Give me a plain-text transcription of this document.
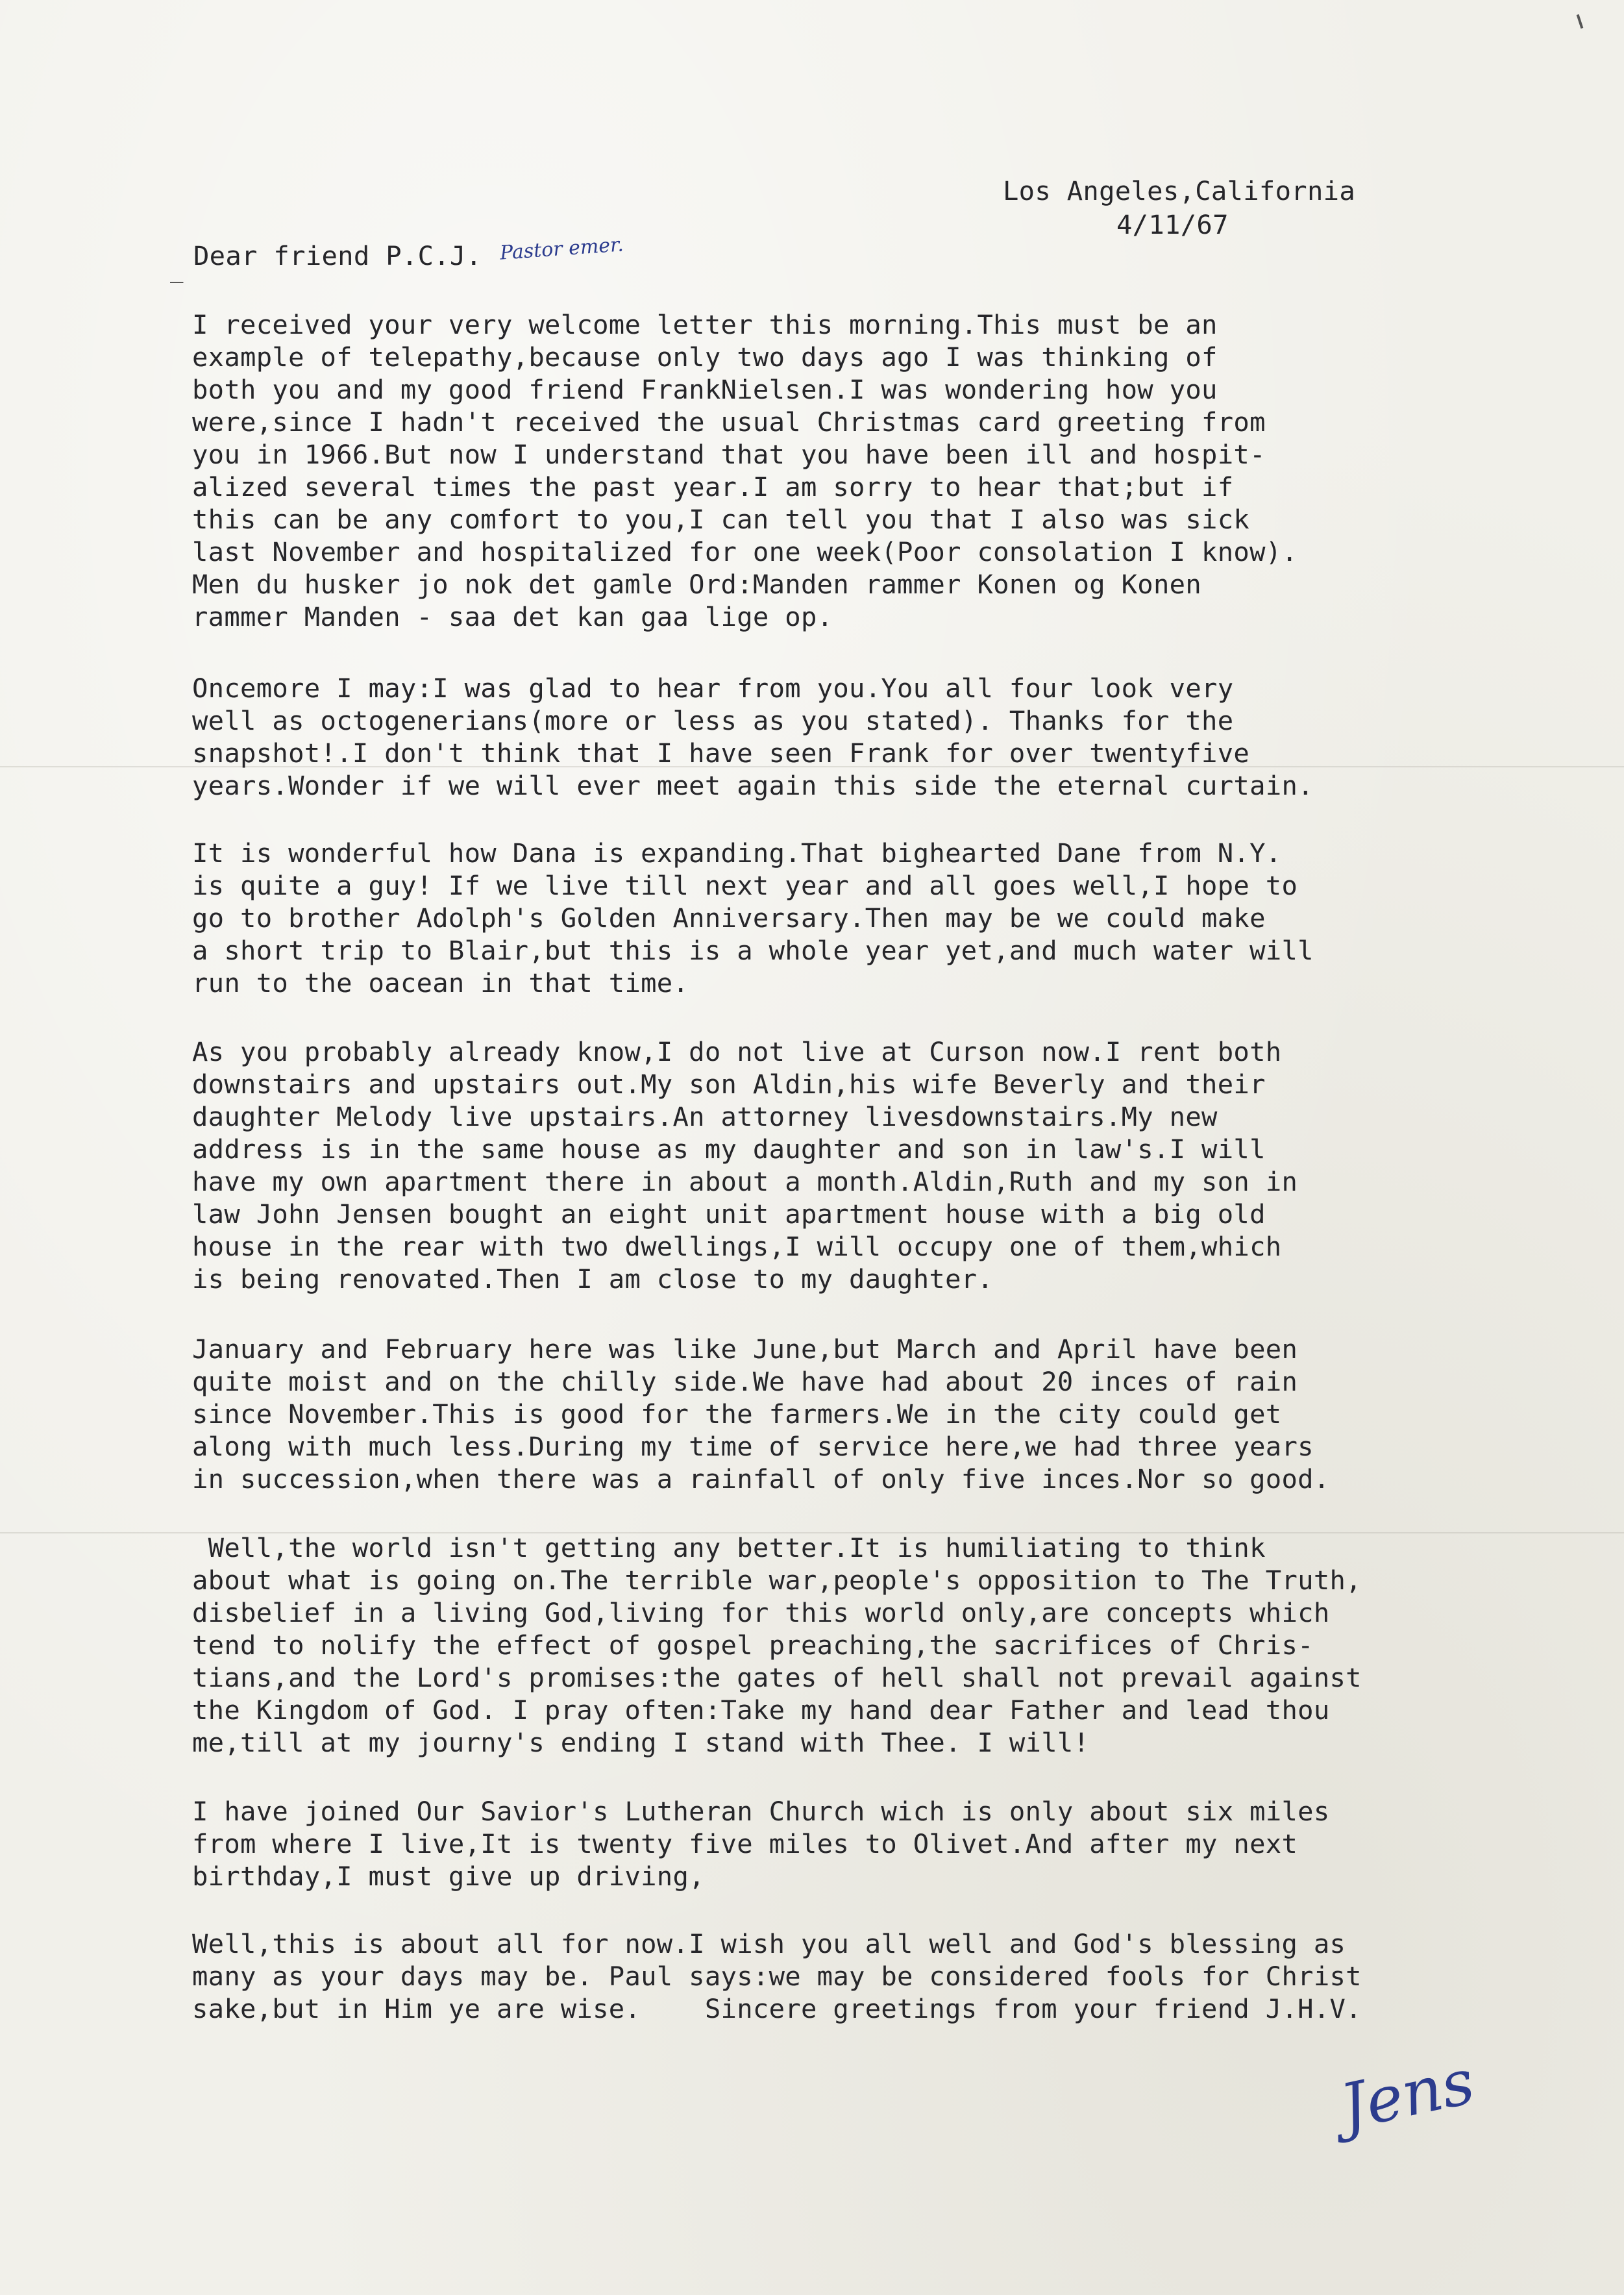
Los Angeles,California
4/11/67
_ Dear friend P.C.J. Pastor emer.
I received your very welcome letter this morning.This must be an
example of telepathy,because only two days ago I was thinking of
both you and my good friend FrankNielsen.I was wondering how you
were,since I hadn't received the usual Christmas card greeting from
you in 1966.But now I understand that you have been ill and hospit-
alized several times the past year.I am sorry to hear that;but if
this can be any comfort to you,I can tell you that I also was sick
last November and hospitalized for one week(Poor consolation I know).
Men du husker jo nok det gamle Ord:Manden rammer Konen og Konen
rammer Manden - saa det kan gaa lige op.
Oncemore I may:I was glad to hear from you.You all four look very
well as octogenerians(more or less as you stated). Thanks for the
snapshot!.I don't think that I have seen Frank for over twentyfive
years.Wonder if we will ever meet again this side the eternal curtain.
It is wonderful how Dana is expanding.That bighearted Dane from N.Y.
is quite a guy! If we live till next year and all goes well,I hope to
go to brother Adolph's Golden Anniversary.Then may be we could make
a short trip to Blair,but this is a whole year yet,and much water will
run to the oacean in that time.
As you probably already know,I do not live at Curson now.I rent both
downstairs and upstairs out.My son Aldin,his wife Beverly and their
daughter Melody live upstairs.An attorney livesdownstairs.My new
address is in the same house as my daughter and son in law's.I will
have my own apartment there in about a month.Aldin,Ruth and my son in
law John Jensen bought an eight unit apartment house with a big old
house in the rear with two dwellings,I will occupy one of them,which
is being renovated.Then I am close to my daughter.
January and February here was like June,but March and April have been
quite moist and on the chilly side.We have had about 20 inces of rain
since November.This is good for the farmers.We in the city could get
along with much less.During my time of service here,we had three years
in succession,when there was a rainfall of only five inces.Nor so good.
Well,the world isn't getting any better.It is humiliating to think
about what is going on.The terrible war,people's opposition to The Truth,
disbelief in a living God,living for this world only,are concepts which
tend to nolify the effect of gospel preaching,the sacrifices of Chris-
tians,and the Lord's promises:the gates of hell shall not prevail against
the Kingdom of God. I pray often:Take my hand dear Father and lead thou
me,till at my journy's ending I stand with Thee. I will!
I have joined Our Savior's Lutheran Church wich is only about six miles
from where I live,It is twenty five miles to Olivet.And after my next
birthday,I must give up driving,
Well,this is about all for now.I wish you all well and God's blessing as
many as your days may be. Paul says:we may be considered fools for Christ
sake,but in Him ye are wise.    Sincere greetings from your friend J.H.V.
Jens
